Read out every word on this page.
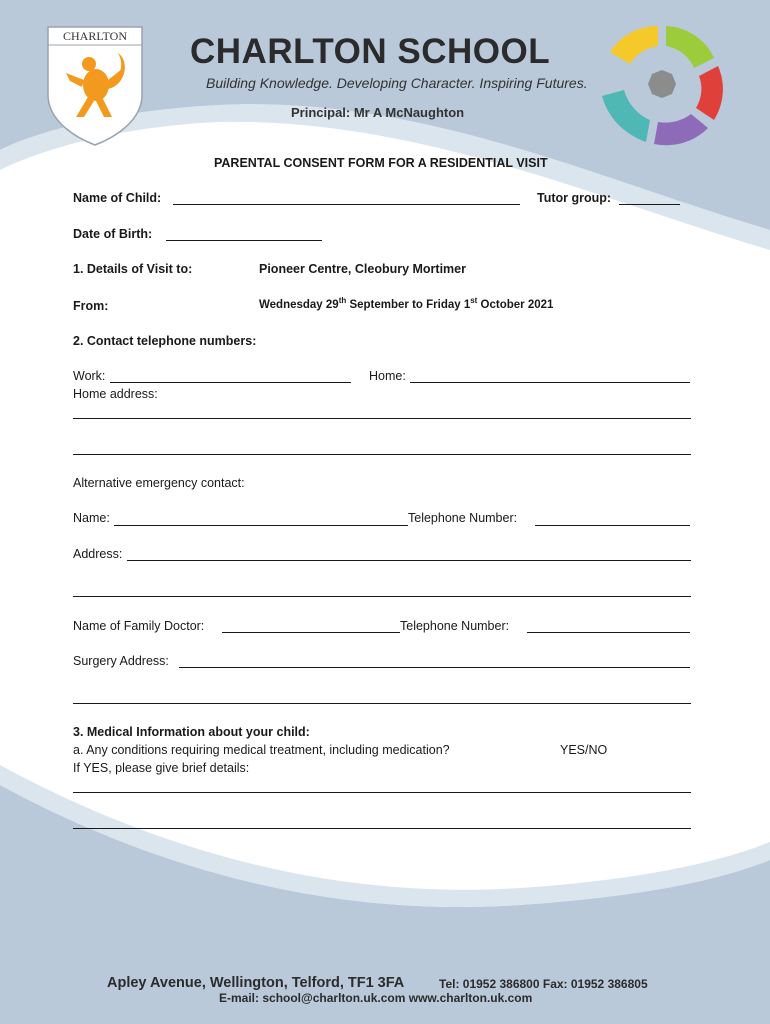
CHARLTON CHARLTON SCHOOL
Building Knowledge. Developing Character. Inspiring Futures.
Principal: Mr A McNaughton
PARENTAL CONSENT FORM FOR A RESIDENTIAL VISIT
Name of Child:	Tutor group:
Date of Birth:
1. Details of Visit to:	Pioneer Centre, Cleobury Mortimer
From:	Wednesday 29th September to Friday 1st October 2021
2. Contact telephone numbers:
Work:	Home:
Home address:
Alternative emergency contact:
Name:	Telephone Number:
Address:
Name of Family Doctor:	Telephone Number:
Surgery Address:
3. Medical Information about your child:
a. Any conditions requiring medical treatment, including medication?	YES/NO
If YES, please give brief details:
Apley Avenue, Wellington, Telford, TF1 3FA	Tel: 01952 386800 Fax: 01952 386805
E-mail: school@charlton.uk.com www.charlton.uk.com
